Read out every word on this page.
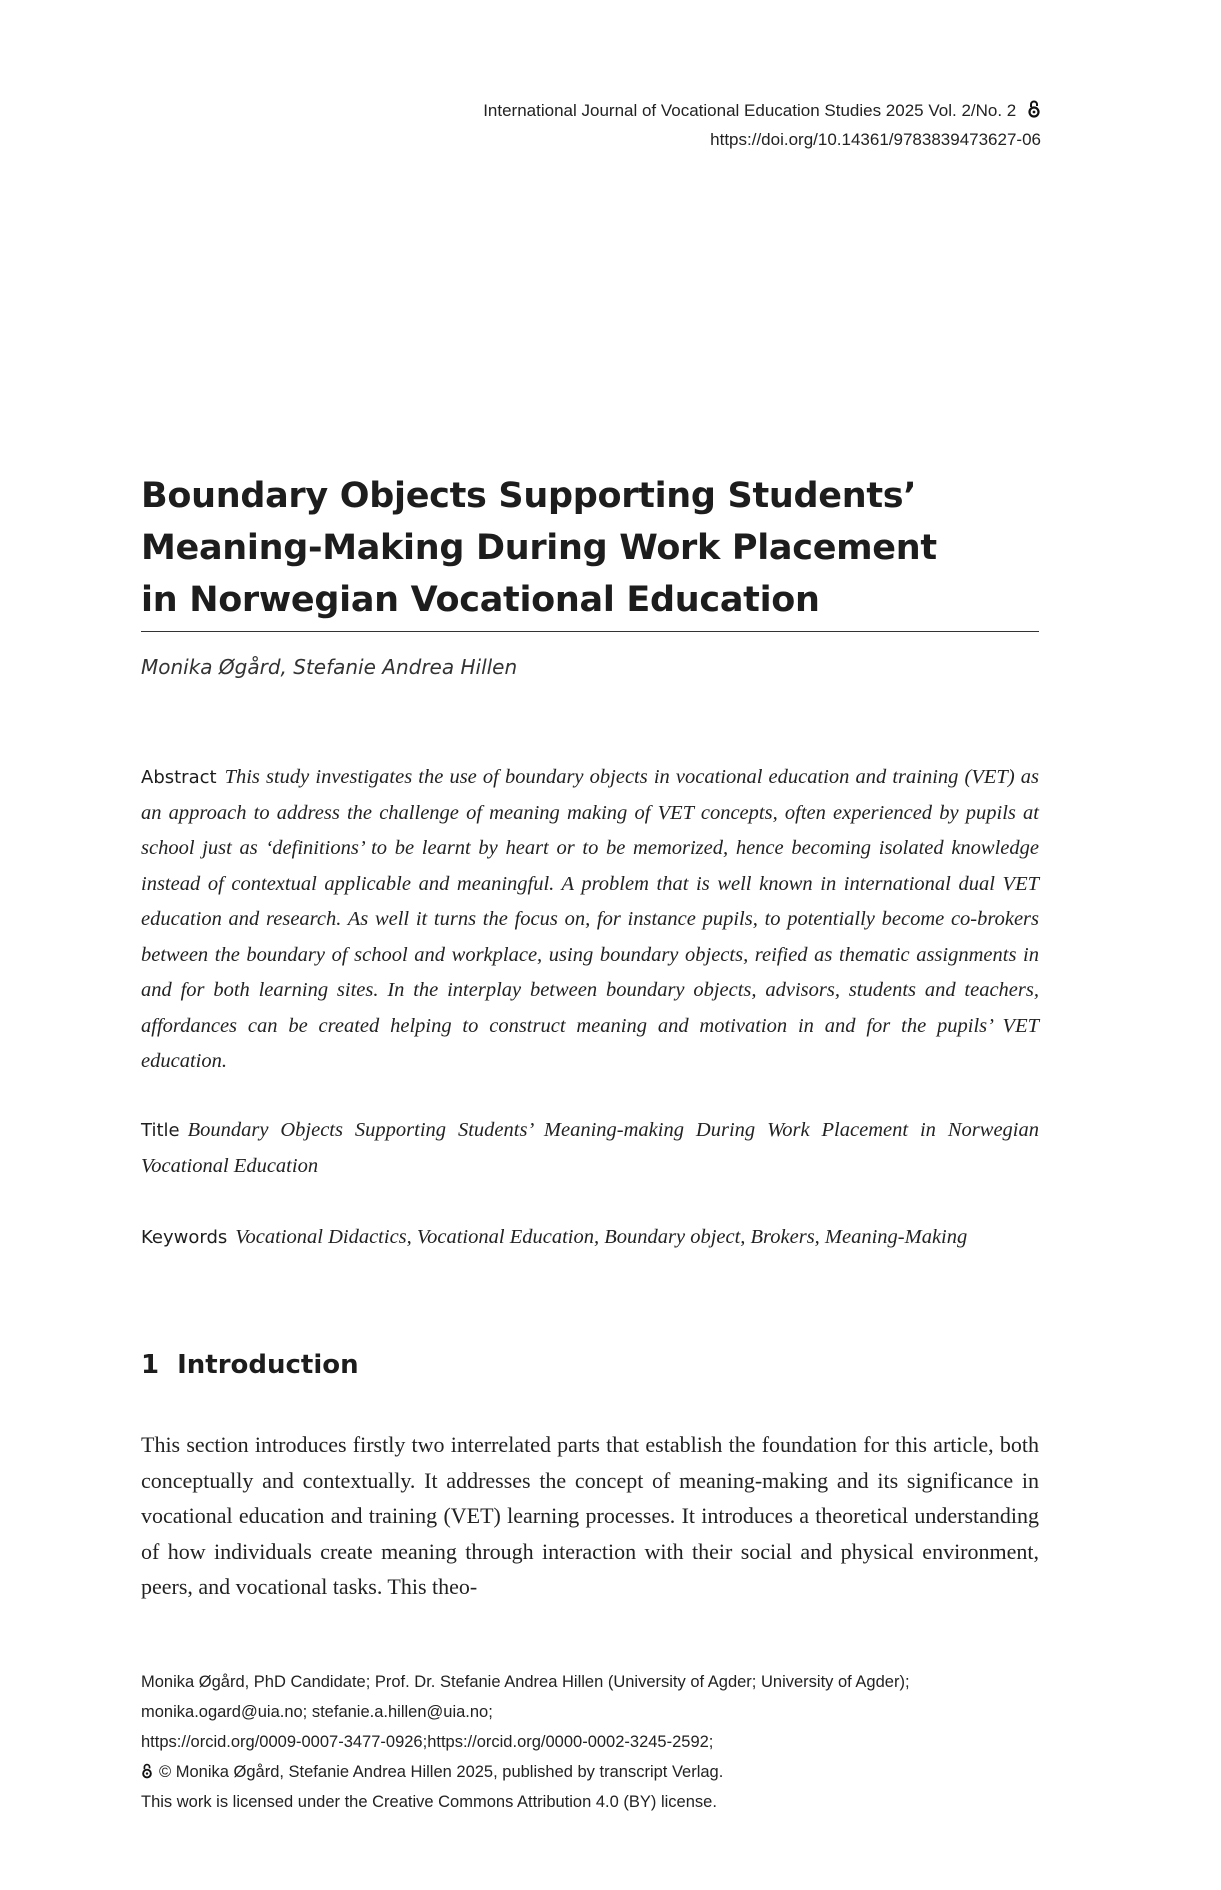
International Journal of Vocational Education Studies 2025 Vol. 2/No. 2
https://doi.org/10.14361/9783839473627-06
Boundary Objects Supporting Students’
Meaning-Making During Work Placement
in Norwegian Vocational Education
Monika Øgård, Stefanie Andrea Hillen
Abstract This study investigates the use of boundary objects in vocational education and training (VET) as an approach to address the challenge of meaning making of VET concepts, often experienced by pupils at school just as ‘definitions’ to be learnt by heart or to be memorized, hence becoming isolated knowledge instead of contextual applicable and meaningful. A problem that is well known in international dual VET education and research. As well it turns the focus on, for instance pupils, to potentially become co-brokers between the boundary of school and workplace, using boundary objects, reified as thematic assignments in and for both learning sites. In the interplay between boundary objects, advisors, students and teachers, affordances can be created helping to construct meaning and motivation in and for the pupils’ VET education.
Title Boundary Objects Supporting Students’ Meaning-making During Work Placement in Norwegian Vocational Education
Keywords Vocational Didactics, Vocational Education, Boundary object, Brokers, Meaning-Making
1 Introduction
This section introduces firstly two interrelated parts that establish the foundation for this article, both conceptually and contextually. It addresses the concept of meaning-making and its significance in vocational education and training (VET) learning processes. It introduces a theoretical understanding of how individuals create meaning through interaction with their social and physical environment, peers, and vocational tasks. This theo-
Monika Øgård, PhD Candidate; Prof. Dr. Stefanie Andrea Hillen (University of Agder; University of Agder);
monika.ogard@uia.no; stefanie.a.hillen@uia.no;
https://orcid.org/0009-0007-3477-0926;https://orcid.org/0000-0002-3245-2592;
© Monika Øgård, Stefanie Andrea Hillen 2025, published by transcript Verlag.
This work is licensed under the Creative Commons Attribution 4.0 (BY) license.
